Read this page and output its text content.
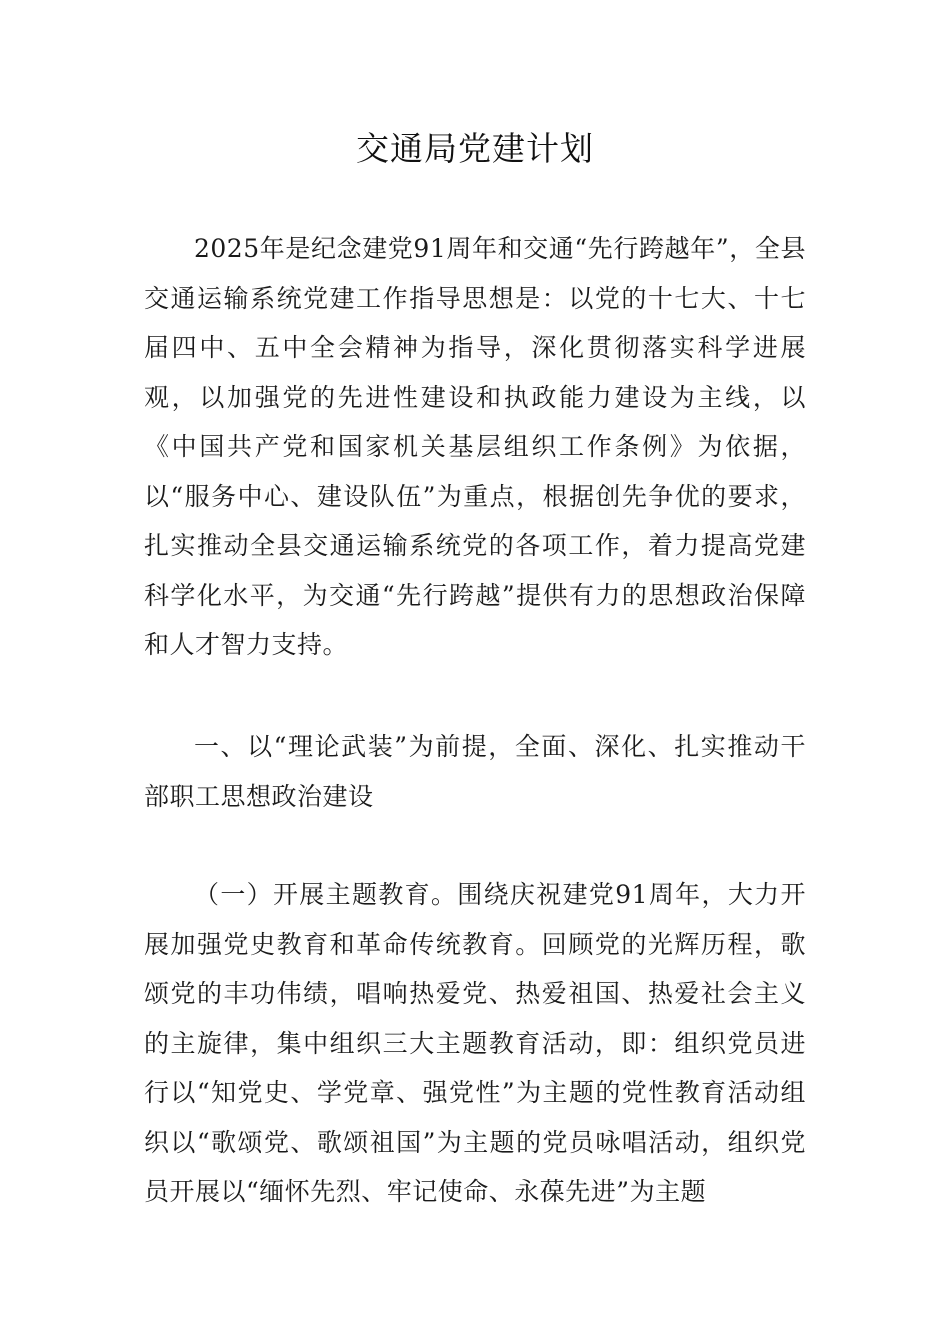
交通局党建计划

2025年是纪念建党91周年和交通“先行跨越年”，全县交通运输系统党建工作指导思想是：以党的十七大、十七届四中、五中全会精神为指导，深化贯彻落实科学进展观，以加强党的先进性建设和执政能力建设为主线，以《中国共产党和国家机关基层组织工作条例》为依据，以“服务中心、建设队伍”为重点，根据创先争优的要求，扎实推动全县交通运输系统党的各项工作，着力提高党建科学化水平，为交通“先行跨越”提供有力的思想政治保障和人才智力支持。

一、以“理论武装”为前提，全面、深化、扎实推动干部职工思想政治建设

（一）开展主题教育。围绕庆祝建党91周年，大力开展加强党史教育和革命传统教育。回顾党的光辉历程，歌颂党的丰功伟绩，唱响热爱党、热爱祖国、热爱社会主义的主旋律，集中组织三大主题教育活动，即：组织党员进行以“知党史、学党章、强党性”为主题的党性教育活动组织以“歌颂党、歌颂祖国”为主题的党员咏唱活动，组织党员开展以“缅怀先烈、牢记使命、永葆先进”为主题
